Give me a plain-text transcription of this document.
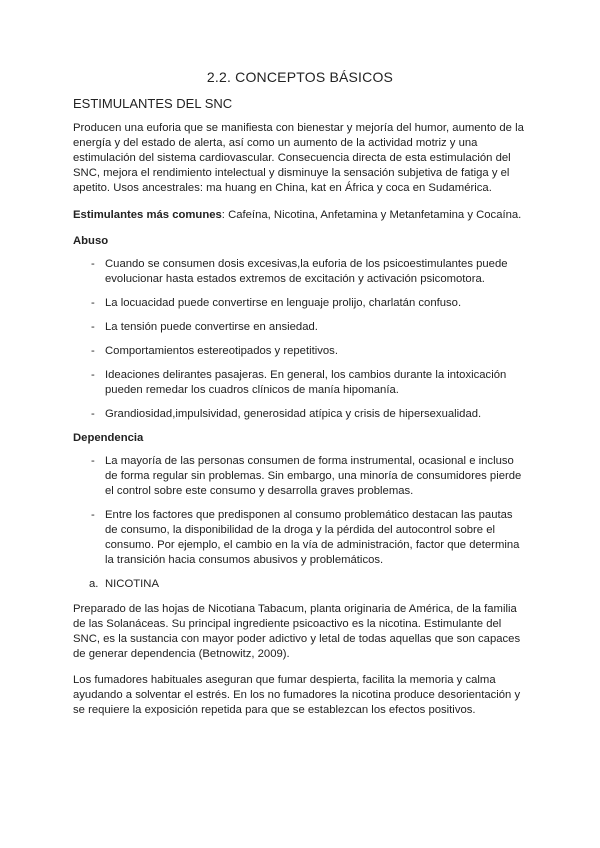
2.2. CONCEPTOS BÁSICOS
ESTIMULANTES DEL SNC

Producen una euforia que se manifiesta con bienestar y mejoría del humor, aumento de la energía y del estado de alerta, así como un aumento de la actividad motriz y una estimulación del sistema cardiovascular. Consecuencia directa de esta estimulación del SNC, mejora el rendimiento intelectual y disminuye la sensación subjetiva de fatiga y el apetito. Usos ancestrales: ma huang en China, kat en África y coca en Sudamérica.

Estimulantes más comunes: Cafeína, Nicotina, Anfetamina y Metanfetamina y Cocaína.

Abuso

- Cuando se consumen dosis excesivas,la euforia de los psicoestimulantes puede evolucionar hasta estados extremos de excitación y activación psicomotora.
- La locuacidad puede convertirse en lenguaje prolijo, charlatán confuso.
- La tensión puede convertirse en ansiedad.
- Comportamientos estereotipados y repetitivos.
- Ideaciones delirantes pasajeras. En general, los cambios durante la intoxicación pueden remedar los cuadros clínicos de manía hipomanía.
- Grandiosidad,impulsividad, generosidad atípica y crisis de hipersexualidad.

Dependencia

- La mayoría de las personas consumen de forma instrumental, ocasional e incluso de forma regular sin problemas. Sin embargo, una minoría de consumidores pierde el control sobre este consumo y desarrolla graves problemas.
- Entre los factores que predisponen al consumo problemático destacan las pautas de consumo, la disponibilidad de la droga y la pérdida del autocontrol sobre el consumo. Por ejemplo, el cambio en la vía de administración, factor que determina la transición hacia consumos abusivos y problemáticos.

a. NICOTINA

Preparado de las hojas de Nicotiana Tabacum, planta originaria de América, de la familia de las Solanáceas. Su principal ingrediente psicoactivo es la nicotina. Estimulante del SNC, es la sustancia con mayor poder adictivo y letal de todas aquellas que son capaces de generar dependencia (Betnowitz, 2009).

Los fumadores habituales aseguran que fumar despierta, facilita la memoria y calma ayudando a solventar el estrés. En los no fumadores la nicotina produce desorientación y se requiere la exposición repetida para que se establezcan los efectos positivos.
